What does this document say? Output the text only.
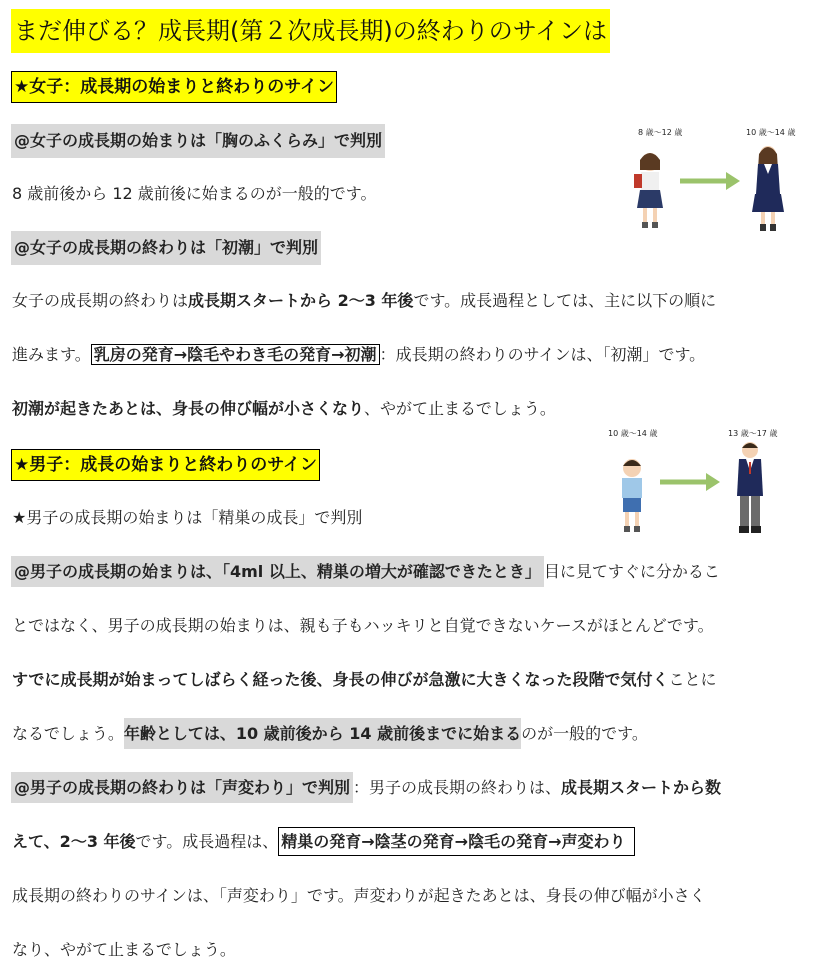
まだ伸びる？成長期(第２次成長期)の終わりのサインは
★女子：成長期の始まりと終わりのサイン
@女子の成長期の始まりは「胸のふくらみ」で判別
8 歳前後から 12 歳前後に始まるのが一般的です。
@女子の成長期の終わりは「初潮」で判別
女子の成長期の終わりは成長期スタートから 2〜3 年後です。成長過程としては、主に以下の順に
進みます。 乳房の発育→陰毛やわき毛の発育→初潮 ：成長期の終わりのサインは、「初潮」です。
初潮が起きたあとは、身長の伸び幅が小さくなり、やがて止まるでしょう。
8 歳〜12 歳	10 歳〜14 歳
★男子：成長の始まりと終わりのサイン
★男子の成長期の始まりは「精巣の成長」で判別
@男子の成長期の始まりは、「4ml 以上、精巣の増大が確認できたとき」 目に見てすぐに分かるこ
とではなく、男子の成長期の始まりは、親も子もハッキリと自覚できないケースがほとんどです。
すでに成長期が始まってしばらく経った後、身長の伸びが急激に大きくなった段階で気付くことに
なるでしょう。年齢としては、10 歳前後から 14 歳前後までに始まるのが一般的です。
@男子の成長期の終わりは「声変わり」で判別 ：男子の成長期の終わりは、成長期スタートから数
えて、2〜3 年後です。成長過程は、 精巣の発育→陰茎の発育→陰毛の発育→声変わり
成長期の終わりのサインは、「声変わり」です。声変わりが起きたあとは、身長の伸び幅が小さく
なり、やがて止まるでしょう。
10 歳〜14 歳	13 歳〜17 歳
